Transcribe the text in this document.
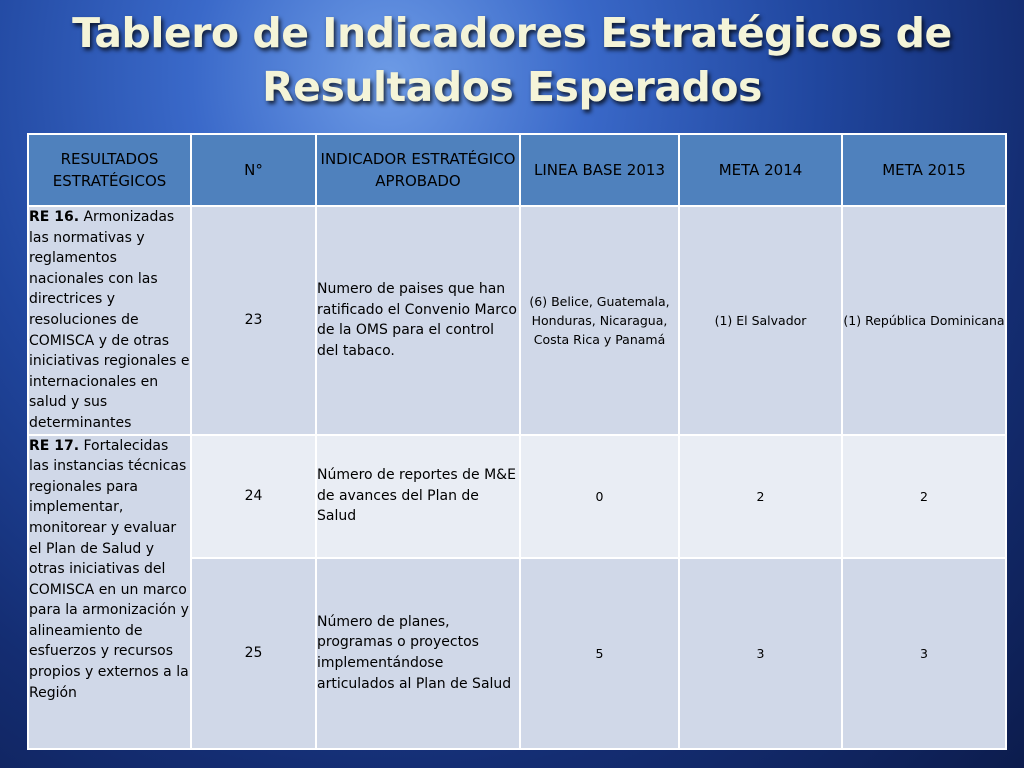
Tablero de Indicadores Estratégicos de
Resultados Esperados
RESULTADOS ESTRATÉGICOS	N°	INDICADOR ESTRATÉGICO APROBADO	LINEA BASE 2013	META 2014	META 2015
RE 16. Armonizadas las normativas y reglamentos nacionales con las directrices y resoluciones de COMISCA y de otras iniciativas regionales e internacionales en salud y sus determinantes	23	Numero de paises que han ratificado el Convenio Marco de la OMS para el control del tabaco.	(6) Belice, Guatemala, Honduras, Nicaragua, Costa Rica y Panamá	(1) El Salvador	(1) República Dominicana
RE 17. Fortalecidas las instancias técnicas regionales para implementar, monitorear y evaluar el Plan de Salud y otras iniciativas del COMISCA en un marco para la armonización y alineamiento de esfuerzos y recursos propios y externos a la Región	24	Número de reportes de M&E de avances del Plan de Salud	0	2	2
	25	Número de planes, programas o proyectos implementándose articulados al Plan de Salud	5	3	3
